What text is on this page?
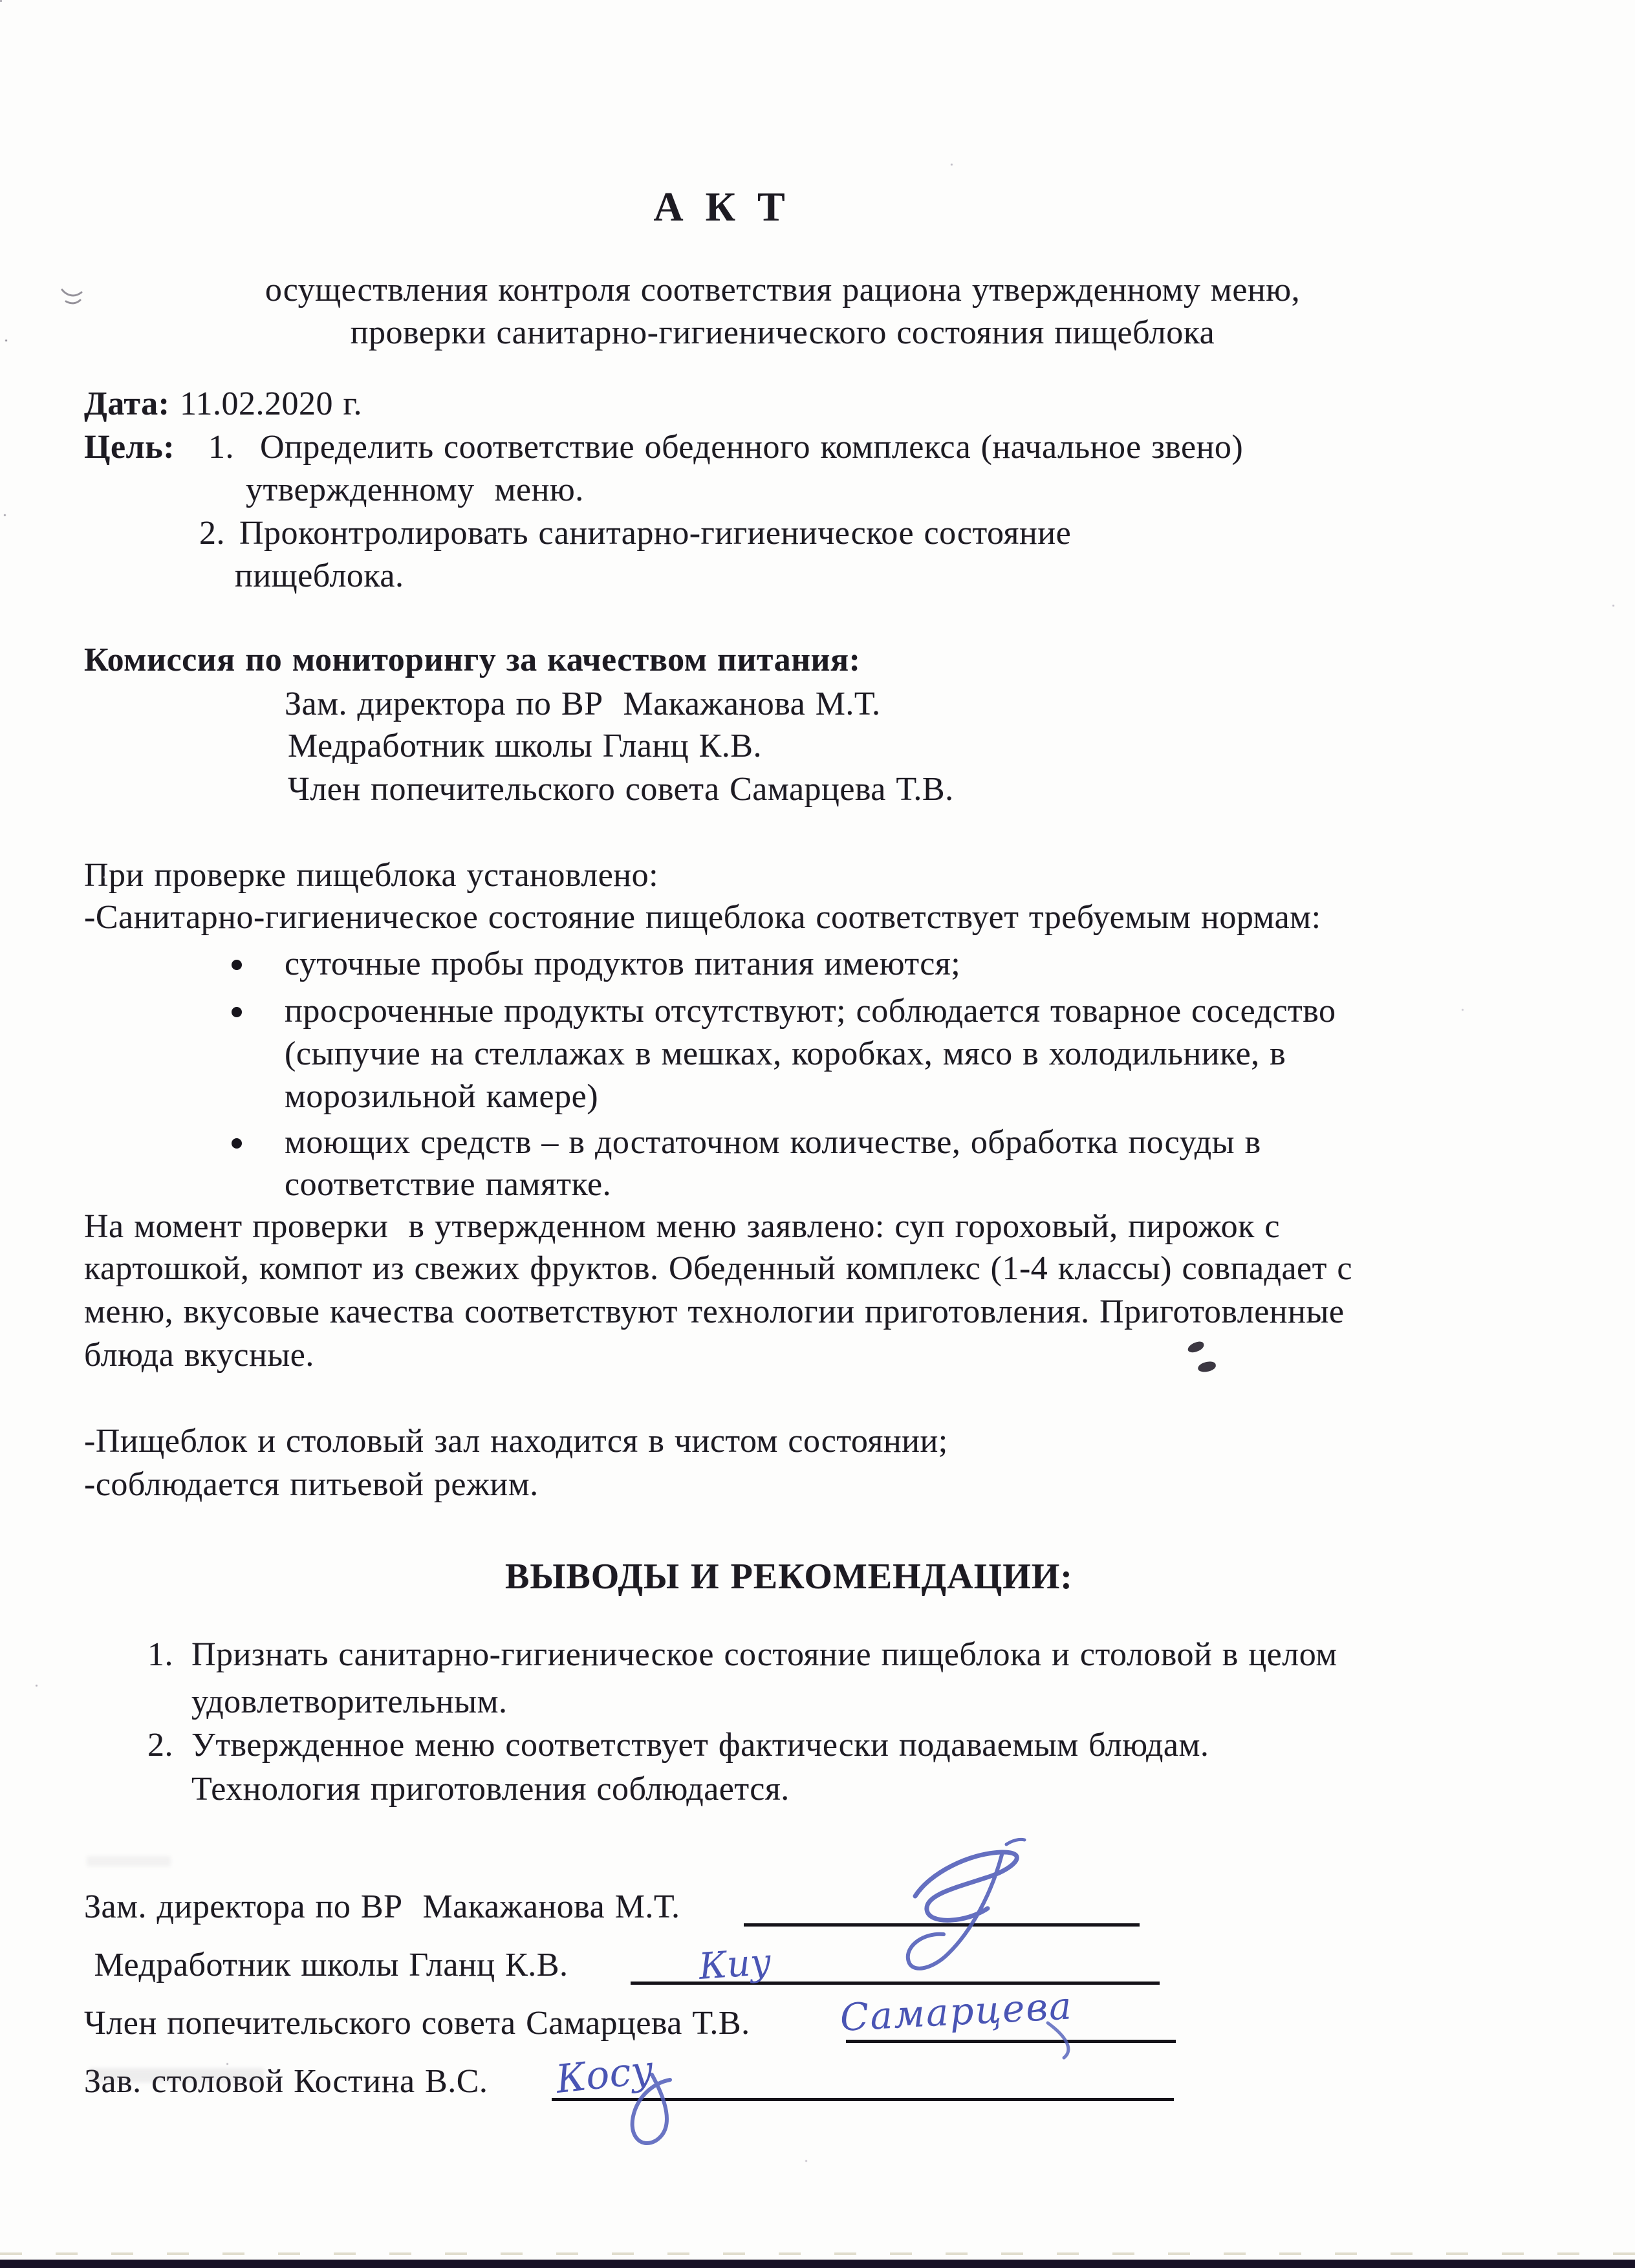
А К Т
осуществления контроля соответствия рациона утвержденному меню,
проверки санитарно-гигиенического состояния пищеблока
Дата: 11.02.2020 г.
Цель: 1. Определить соответствие обеденного комплекса (начальное звено)
утвержденному  меню.
2. Проконтролировать санитарно-гигиеническое состояние
пищеблока.
Комиссия по мониторингу за качеством питания:
Зам. директора по ВР  Макажанова М.Т.
Медработник школы Гланц К.В.
Член попечительского совета Самарцева Т.В.
При проверке пищеблока установлено:
-Санитарно-гигиеническое состояние пищеблока соответствует требуемым нормам:
суточные пробы продуктов питания имеются;
просроченные продукты отсутствуют; соблюдается товарное соседство
(сыпучие на стеллажах в мешках, коробках, мясо в холодильнике, в
морозильной камере)
моющих средств – в достаточном количестве, обработка посуды в
соответствие памятке.
На момент проверки  в утвержденном меню заявлено: суп гороховый, пирожок с
картошкой, компот из свежих фруктов. Обеденный комплекс (1-4 классы) совпадает с
меню, вкусовые качества соответствуют технологии приготовления. Приготовленные
блюда вкусные.
-Пищеблок и столовый зал находится в чистом состоянии;
-соблюдается питьевой режим.
ВЫВОДЫ И РЕКОМЕНДАЦИИ:
1. Признать санитарно-гигиеническое состояние пищеблока и столовой в целом
удовлетворительным.
2. Утвержденное меню соответствует фактически подаваемым блюдам.
Технология приготовления соблюдается.
Зам. директора по ВР  Макажанова М.Т.
Медработник школы Гланц К.В.
Член попечительского совета Самарцева Т.В.
Зав. столовой Костина В.С.
Киу
Самарцева
Косу
